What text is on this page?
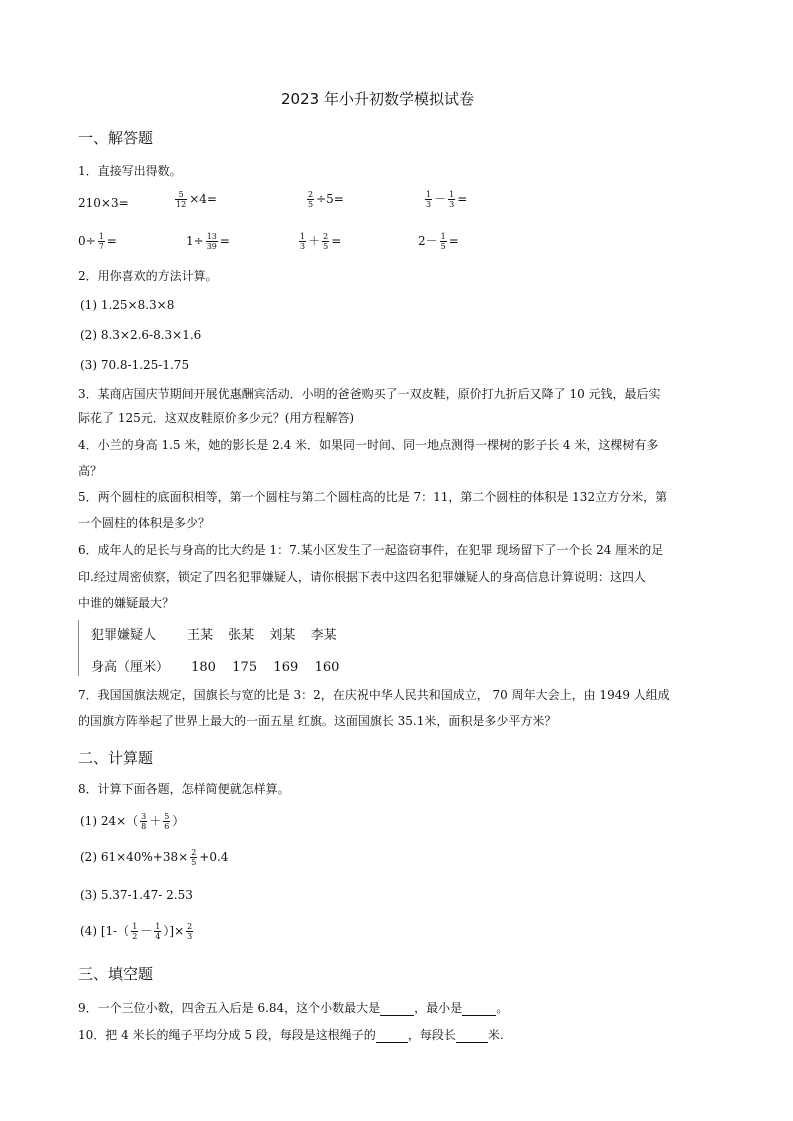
2023 年小升初数学模拟试卷
一、解答题
1．直接写出得数。
210×3=	$\frac{5}{12} \times 4=$	$\frac{2}{5} \div 5=$	$\frac{1}{3} - \frac{1}{3}$ =
$0\div \frac{1}{7}$ =	$1\div \frac{13}{39}$ =	$\frac{1}{3} + \frac{2}{5}$ =	$2- \frac{1}{5}$ =
2．用你喜欢的方法计算。
(1) 1.25×8.3×8
(2) 8.3×2.6-8.3×1.6
(3) 70.8-1.25-1.75
3．某商店国庆节期间开展优惠酬宾活动．小明的爸爸购买了一双皮鞋，原价打九折后又降了 10 元钱，最后实
际花了 125元．这双皮鞋原价多少元？(用方程解答)
4．小兰的身高 1.5 米，她的影长是 2.4 米．如果同一时间、同一地点测得一棵树的影子长 4 米，这棵树有多
高？
5．两个圆柱的底面积相等，第一个圆柱与第二个圆柱高的比是 7：11，第二个圆柱的体积是 132立方分米，第
一个圆柱的体积是多少？
6．成年人的足长与身高的比大约是 1：7.某小区发生了一起盗窃事件，在犯罪 现场留下了一个长 24 厘米的足
印.经过周密侦察，锁定了四名犯罪嫌疑人，请你根据下表中这四名犯罪嫌疑人的身高信息计算说明：这四人
中谁的嫌疑最大？
犯罪嫌疑人 王某 张某 刘某 李某
身高（厘米） 180 175 169 160
7．我国国旗法规定，国旗长与宽的比是 3：2，在庆祝中华人民共和国成立， 70 周年大会上，由 1949 人组成
的国旗方阵举起了世界上最大的一面五星 红旗。这面国旗长 35.1米，面积是多少平方米？
二、计算题
8．计算下面各题，怎样简便就怎样算。
(1) $24\times( \frac{3}{8} + \frac{5}{6}$ ）
(2) $61\times 40\%+38\times \frac{2}{5} +0.4$
(3) 5.37-1.47- 2.53
(4) [$1-( \frac{1}{2} - \frac{1}{4}$ ）]× $\frac{2}{3}$
三、填空题
9．一个三位小数，四舍五入后是 6.84，这个小数最大是	，最小是	。
10．把 4 米长的绳子平均分成 5 段，每段是这根绳子的	，每段长	米.
